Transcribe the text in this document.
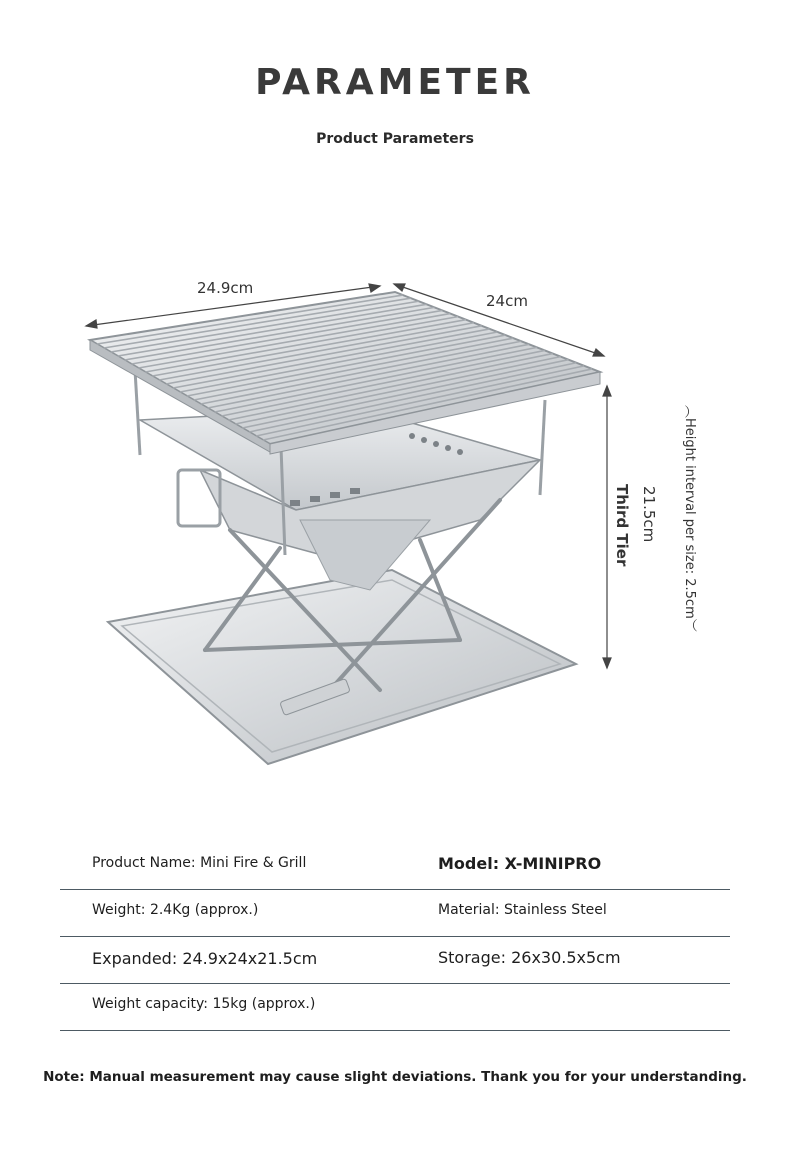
PARAMETER
Product Parameters
24.9cm
24cm
21.5cm
Third Tier	︵Height interval per size: 2.5cm︶
Product Name: Mini Fire & Grill	Model: X-MINIPRO
Weight: 2.4Kg (approx.)	Material: Stainless Steel
Expanded: 24.9x24x21.5cm	Storage: 26x30.5x5cm
Weight capacity: 15kg (approx.)
Note: Manual measurement may cause slight deviations. Thank you for your understanding.
